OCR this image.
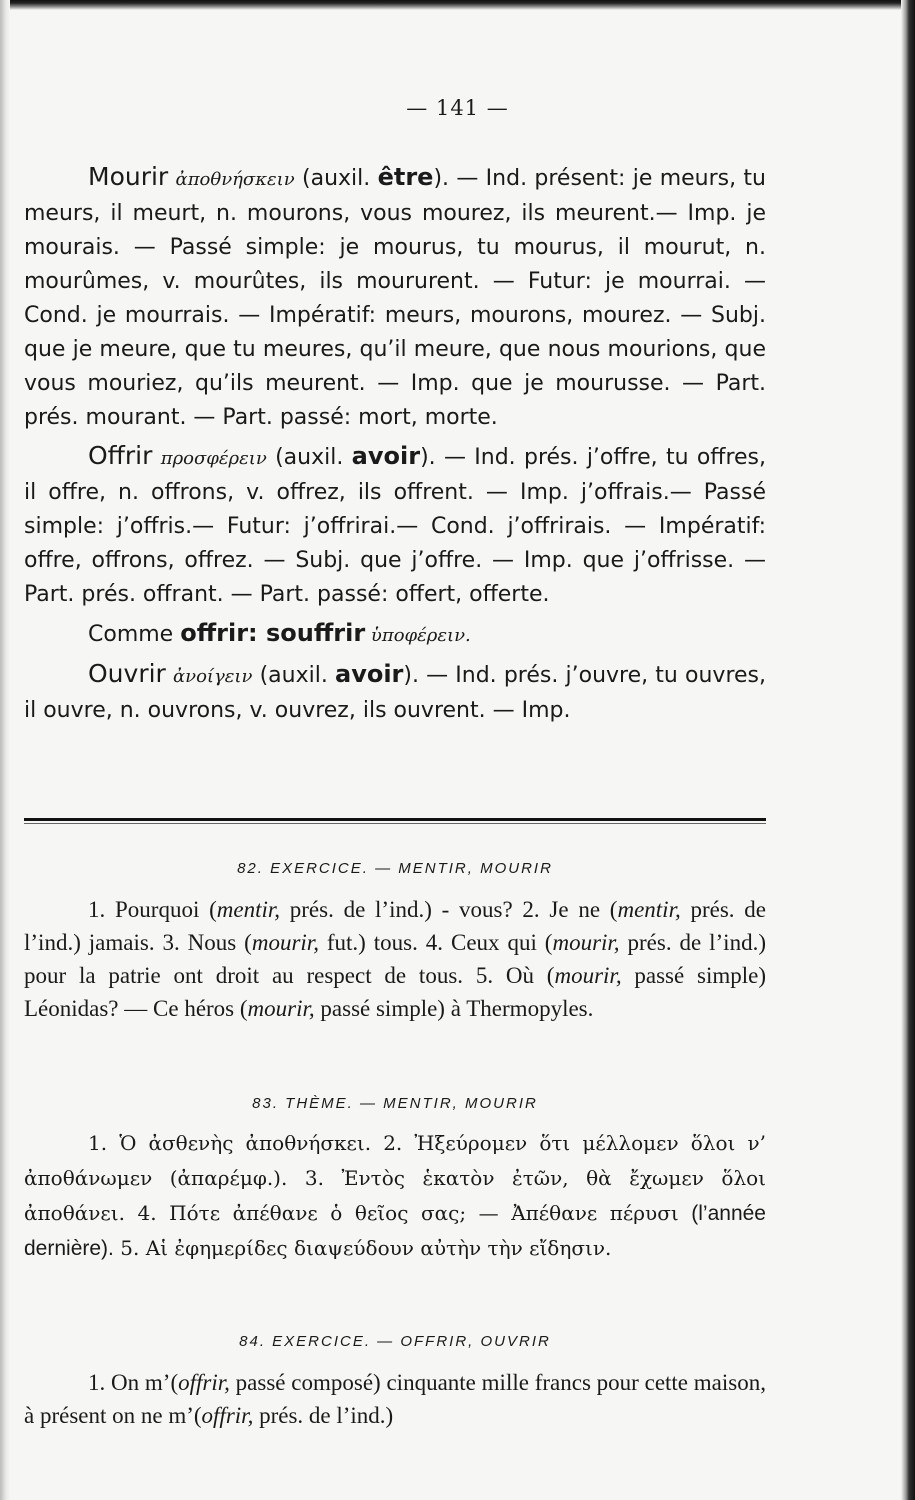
— 141 —

Mourir ἀποθνήσκειν (auxil. être). — Ind. présent: je meurs, tu meurs, il meurt, n. mourons, vous mourez, ils meurent.— Imp. je mourais. — Passé simple: je mourus, tu mourus, il mourut, n. mourûmes, v. mourûtes, ils moururent. — Futur: je mourrai. —Cond. je mourrais. — Impératif: meurs, mourons, mourez. — Subj. que je meure, que tu meures, qu’il meure, que nous mourions, que vous mouriez, qu’ils meurent. — Imp. que je mourusse. — Part. prés. mourant. — Part. passé: mort, morte.

Offrir προσφέρειν (auxil. avoir). — Ind. prés. j’offre, tu offres, il offre, n. offrons, v. offrez, ils offrent. — Imp. j’offrais.— Passé simple: j’offris.— Futur: j’offrirai.— Cond. j’offrirais. — Impératif: offre, offrons, offrez. — Subj. que j’offre. — Imp. que j’offrisse. — Part. prés. offrant. — Part. passé: offert, offerte.

Comme offrir: souffrir ὑποφέρειν.

Ouvrir ἀνοίγειν (auxil. avoir). — Ind. prés. j’ouvre, tu ouvres, il ouvre, n. ouvrons, v. ouvrez, ils ouvrent. — Imp.

82. EXERCICE. — MENTIR, MOURIR

1. Pourquoi (mentir, prés. de l’ind.) - vous? 2. Je ne (mentir, prés. de l’ind.) jamais. 3. Nous (mourir, fut.) tous. 4. Ceux qui (mourir, prés. de l’ind.) pour la patrie ont droit au respect de tous. 5. Où (mourir, passé simple) Léonidas? — Ce héros (mourir, passé simple) à Thermopyles.

83. THÈME. — MENTIR, MOURIR

1. Ὁ ἀσθενὴς ἀποθνήσκει. 2. Ἠξεύρομεν ὅτι μέλλομεν ὅλοι ν’ ἀποθάνωμεν (ἀπαρέμφ.). 3. Ἐντὸς ἑκατὸν ἐτῶν, θὰ ἔχωμεν ὅλοι ἀποθάνει. 4. Πότε ἀπέθανε ὁ θεῖος σας; — Ἀπέθανε πέρυσι (l’année dernière). 5. Αἱ ἐφημερίδες διαψεύδουν αὐτὴν τὴν εἴδησιν.

84. EXERCICE. — OFFRIR, OUVRIR

1. On m’(offrir, passé composé) cinquante mille francs pour cette maison, à présent on ne m’(offrir, prés. de l’ind.)
